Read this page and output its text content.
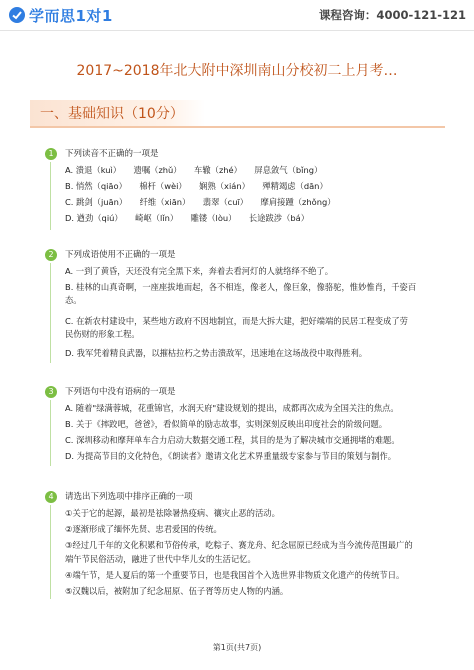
学而思1对1	课程咨询：4000-121-121
2017~2018年北大附中深圳南山分校初二上月考…
一、基础知识（10分）
1	下列读音不正确的一项是
A. 溃退（kuì）　　遗嘱（zhǔ）　　车辙（zhé）　　屏息敛气（bǐng）
B. 悄然（qiāo）　　棉杆（wèi）　　娴熟（xián）　　殚精竭虑（dān）
C. 跳剑（juān）　　纤维（xiān）　　翡翠（cuī）　　摩肩接踵（zhǒng）
D. 遒劲（qiú）　　崎岖（lǐn）　　雕镂（lòu）　　长途跋涉（bá）
2	下列成语使用不正确的一项是
A. 一到了黄昏，天还没有完全黑下来，奔着去看河灯的人就络绎不绝了。
B. 桂林的山真奇啊，一座座拔地而起，各不相连，像老人，像巨象，像骆驼，惟妙惟肖，千姿百
态。
C. 在新农村建设中，某些地方政府不因地制宜，而是大拆大建，把好端端的民居工程变成了劳
民伤财的形象工程。
D. 我军凭着精良武器，以摧枯拉朽之势击溃敌军，迅速地在这场战役中取得胜利。
3	下列语句中没有语病的一项是
A. 随着"绿满蓉城，花重锦官，水润天府"建设规划的提出，成都再次成为全国关注的焦点。
B. 关于《摔跤吧，爸爸》，看似简单的励志故事，实则深刻反映出印度社会的阶级问题。
C. 深圳移动和摩拜单车合力启动大数据交通工程，其目的是为了解决城市交通拥堵的难题。
D. 为提高节目的文化特色，《朗读者》邀请文化艺术界重量级专家参与节目的策划与制作。
4	请选出下列选项中排序正确的一项
①关于它的起源，最初是祛除暑热疫病、禳灾止恶的活动。
②逐渐形成了缅怀先贤、忠君爱国的传统。
③经过几千年的文化积累和节俗传承，吃粽子、赛龙舟、纪念屈原已经成为当今流传范围最广的
端午节民俗活动，融进了世代中华儿女的生活记忆。
④端午节，是人夏后的第一个重要节日，也是我国首个入选世界非物质文化遗产的传统节日。
⑤汉魏以后，被附加了纪念屈原、伍子胥等历史人物的内涵。
第1页(共7页)
